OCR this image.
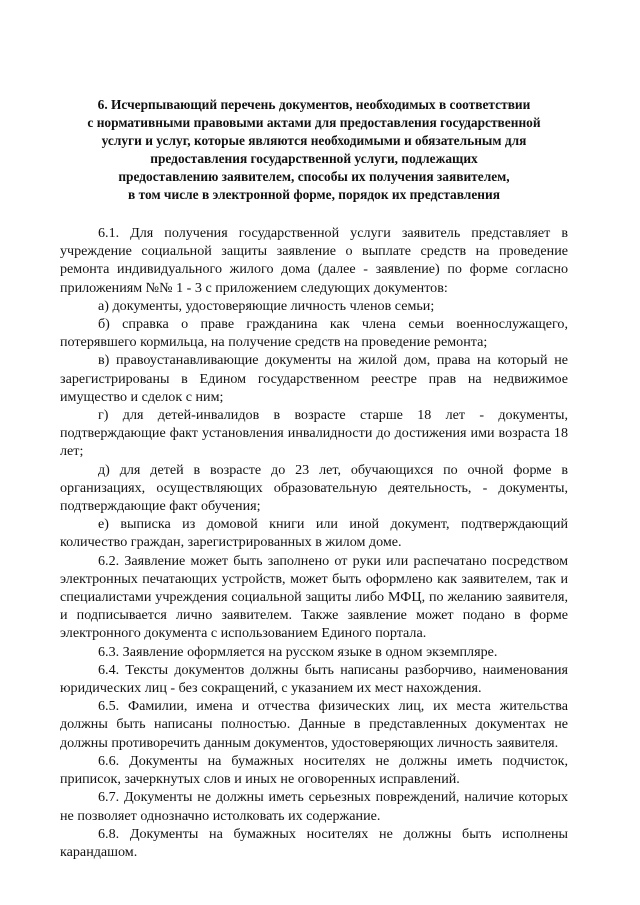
6. Исчерпывающий перечень документов, необходимых в соответствии
с нормативными правовыми актами для предоставления государственной
услуги и услуг, которые являются необходимыми и обязательным для
предоставления государственной услуги, подлежащих
предоставлению заявителем, способы их получения заявителем,
в том числе в электронной форме, порядок их представления

6.1. Для получения государственной услуги заявитель представляет в учреждение социальной защиты заявление о выплате средств на проведение ремонта индивидуального жилого дома (далее - заявление) по форме согласно приложениям №№ 1 - 3 с приложением следующих документов:

а) документы, удостоверяющие личность членов семьи;

б) справка о праве гражданина как члена семьи военнослужащего, потерявшего кормильца, на получение средств на проведение ремонта;

в) правоустанавливающие документы на жилой дом, права на который не зарегистрированы в Едином государственном реестре прав на недвижимое имущество и сделок с ним;

г) для детей-инвалидов в возрасте старше 18 лет - документы, подтверждающие факт установления инвалидности до достижения ими возраста 18 лет;

д) для детей в возрасте до 23 лет, обучающихся по очной форме в организациях, осуществляющих образовательную деятельность, - документы, подтверждающие факт обучения;

е) выписка из домовой книги или иной документ, подтверждающий количество граждан, зарегистрированных в жилом доме.

6.2. Заявление может быть заполнено от руки или распечатано посредством электронных печатающих устройств, может быть оформлено как заявителем, так и специалистами учреждения социальной защиты либо МФЦ, по желанию заявителя, и подписывается лично заявителем. Также заявление может подано в форме электронного документа с использованием Единого портала.

6.3. Заявление оформляется на русском языке в одном экземпляре.

6.4. Тексты документов должны быть написаны разборчиво, наименования юридических лиц - без сокращений, с указанием их мест нахождения.

6.5. Фамилии, имена и отчества физических лиц, их места жительства должны быть написаны полностью. Данные в представленных документах не должны противоречить данным документов, удостоверяющих личность заявителя.

6.6. Документы на бумажных носителях не должны иметь подчисток, приписок, зачеркнутых слов и иных не оговоренных исправлений.

6.7. Документы не должны иметь серьезных повреждений, наличие которых не позволяет однозначно истолковать их содержание.

6.8. Документы на бумажных носителях не должны быть исполнены карандашом.
